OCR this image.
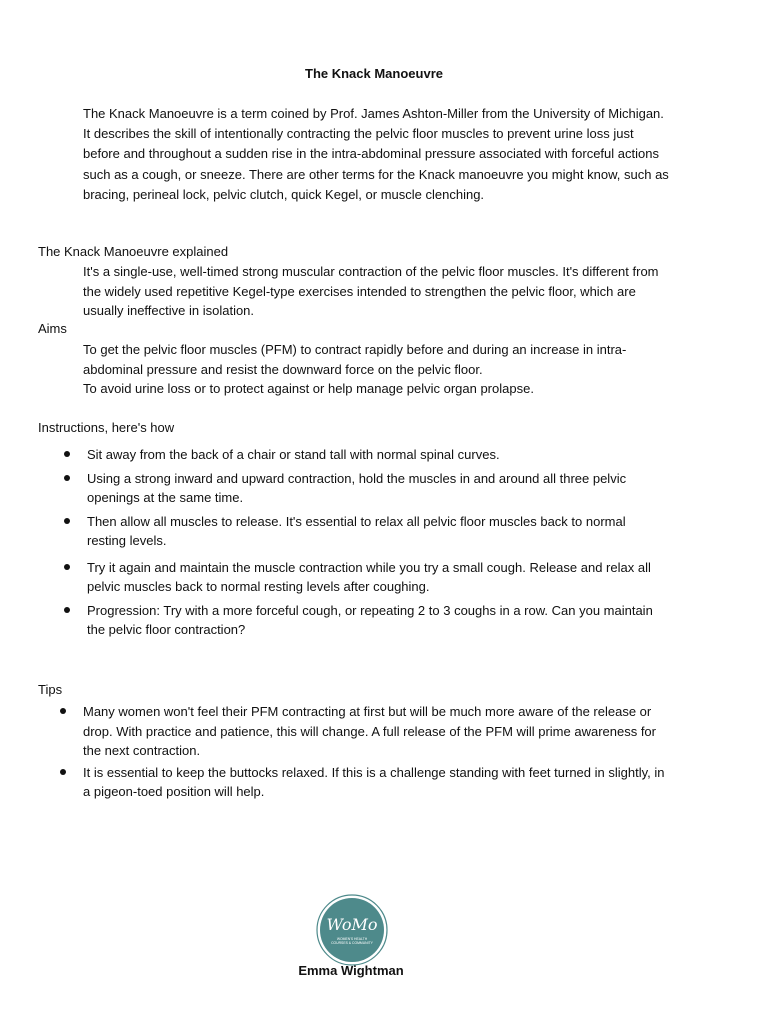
The Knack Manoeuvre

The Knack Manoeuvre is a term coined by Prof. James Ashton-Miller from the University of Michigan. It describes the skill of intentionally contracting the pelvic floor muscles to prevent urine loss just before and throughout a sudden rise in the intra-abdominal pressure associated with forceful actions such as a cough, or sneeze. There are other terms for the Knack manoeuvre you might know, such as bracing, perineal lock, pelvic clutch, quick Kegel, or muscle clenching.

The Knack Manoeuvre explained

It's a single-use, well-timed strong muscular contraction of the pelvic floor muscles. It's different from the widely used repetitive Kegel-type exercises intended to strengthen the pelvic floor, which are usually ineffective in isolation.

Aims

To get the pelvic floor muscles (PFM) to contract rapidly before and during an increase in intra-abdominal pressure and resist the downward force on the pelvic floor.

To avoid urine loss or to protect against or help manage pelvic organ prolapse.

Instructions, here's how
Sit away from the back of a chair or stand tall with normal spinal curves.
Using a strong inward and upward contraction, hold the muscles in and around all three pelvic openings at the same time.
Then allow all muscles to release. It's essential to relax all pelvic floor muscles back to normal resting levels.
Try it again and maintain the muscle contraction while you try a small cough. Release and relax all pelvic muscles back to normal resting levels after coughing.
Progression: Try with a more forceful cough, or repeating 2 to 3 coughs in a row. Can you maintain the pelvic floor contraction?
Tips
Many women won't feel their PFM contracting at first but will be much more aware of the release or drop. With practice and patience, this will change. A full release of the PFM will prime awareness for the next contraction.
It is essential to keep the buttocks relaxed. If this is a challenge standing with feet turned in slightly, in a pigeon-toed position will help.
WoMo
WOMEN'S HEALTH
COURSES & COMMUNITY
Emma Wightman
